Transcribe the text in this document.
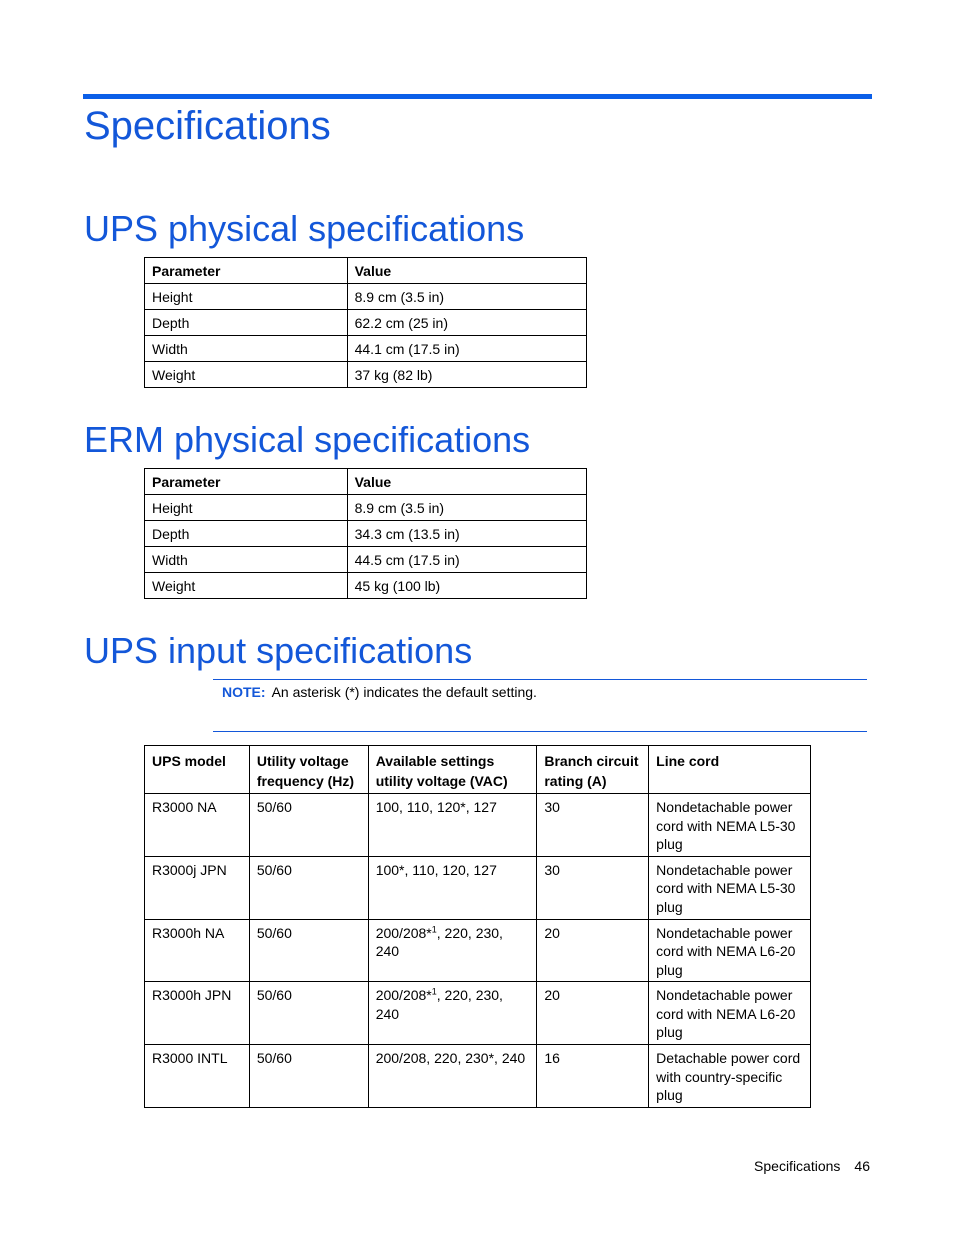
Specifications
UPS physical specifications
Parameter	Value
Height	8.9 cm (3.5 in)
Depth	62.2 cm (25 in)
Width	44.1 cm (17.5 in)
Weight	37 kg (82 lb)
ERM physical specifications
Parameter	Value
Height	8.9 cm (3.5 in)
Depth	34.3 cm (13.5 in)
Width	44.5 cm (17.5 in)
Weight	45 kg (100 lb)
UPS input specifications
NOTE: An asterisk (*) indicates the default setting.
UPS model	Utility voltage frequency (Hz)	Available settings utility voltage (VAC)	Branch circuit rating (A)	Line cord
R3000 NA	50/60	100, 110, 120*, 127	30	Nondetachable power cord with NEMA L5-30 plug
R3000j JPN	50/60	100*, 110, 120, 127	30	Nondetachable power cord with NEMA L5-30 plug
R3000h NA	50/60	200/208*$^1$, 220, 230, 240	20	Nondetachable power cord with NEMA L6-20 plug
R3000h JPN	50/60	200/208*$^1$, 220, 230, 240	20	Nondetachable power cord with NEMA L6-20 plug
R3000 INTL	50/60	200/208, 220, 230*, 240	16	Detachable power cord with country-specific plug
Specifications 46
